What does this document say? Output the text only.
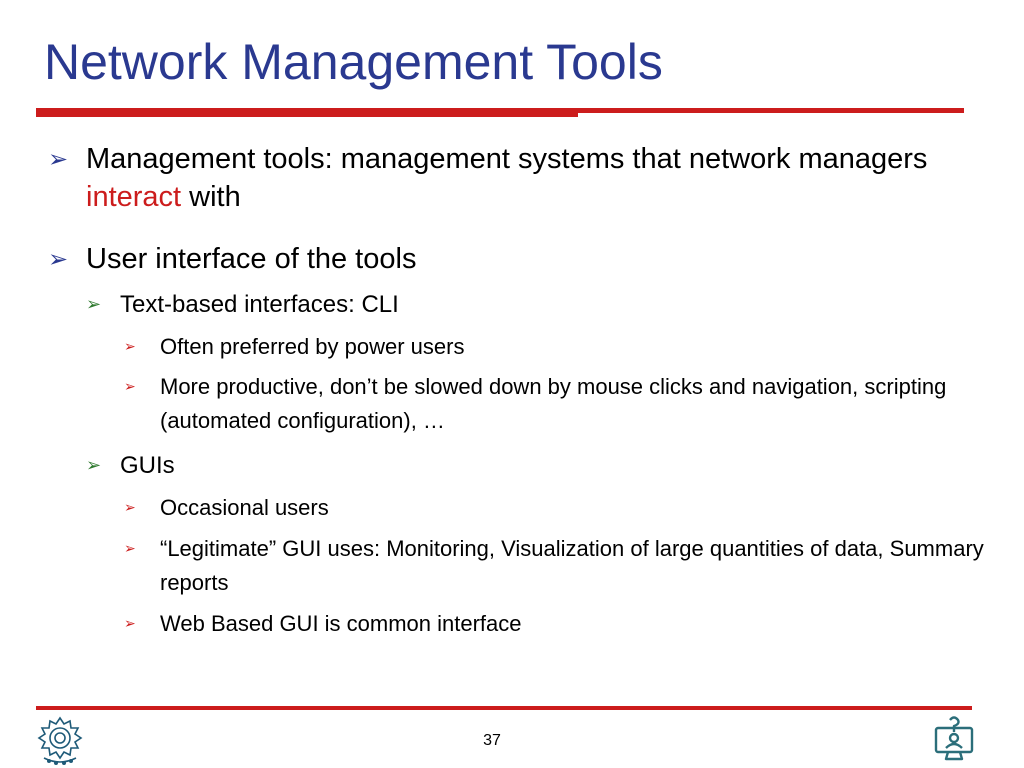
Network Management Tools
➢ Management tools: management systems that network managers interact with
➢ User interface of the tools
➢ Text-based interfaces: CLI
➢	Often preferred by power users
➢	More productive, don’t be slowed down by mouse clicks and navigation, scripting (automated configuration), …
➢ GUIs
➢	Occasional users
➢	“Legitimate” GUI uses: Monitoring, Visualization of large quantities of data, Summary reports
➢	Web Based GUI is common interface
37
